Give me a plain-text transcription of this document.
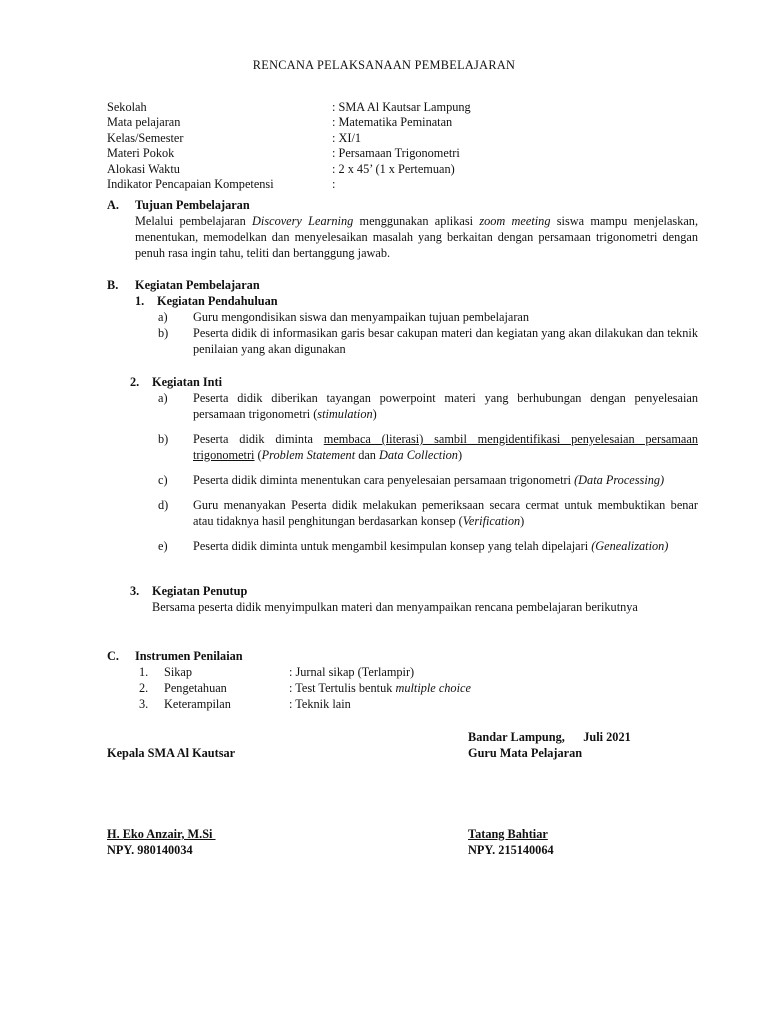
RENCANA PELAKSANAAN PEMBELAJARAN
Sekolah	: SMA Al Kautsar Lampung
Mata pelajaran	: Matematika Peminatan
Kelas/Semester	: XI/1
Materi Pokok	: Persamaan Trigonometri
Alokasi Waktu	: 2 x 45’ (1 x Pertemuan)
Indikator Pencapaian Kompetensi	:
A. Tujuan Pembelajaran
Melalui pembelajaran Discovery Learning menggunakan aplikasi zoom meeting siswa mampu menjelaskan, menentukan, memodelkan dan menyelesaikan masalah yang berkaitan dengan persamaan trigonometri dengan penuh rasa ingin tahu, teliti dan bertanggung jawab.
B. Kegiatan Pembelajaran
1. Kegiatan Pendahuluan
a) Guru mengondisikan siswa dan menyampaikan tujuan pembelajaran
b) Peserta didik di informasikan garis besar cakupan materi dan kegiatan yang akan dilakukan dan teknik penilaian yang akan digunakan
2. Kegiatan Inti
a) Peserta didik diberikan tayangan powerpoint materi yang berhubungan dengan penyelesaian persamaan trigonometri (stimulation)
b) Peserta didik diminta membaca (literasi) sambil mengidentifikasi penyelesaian persamaan trigonometri (Problem Statement dan Data Collection)
c) Peserta didik diminta menentukan cara penyelesaian persamaan trigonometri (Data Processing)
d) Guru menanyakan Peserta didik melakukan pemeriksaan secara cermat untuk membuktikan benar atau tidaknya hasil penghitungan berdasarkan konsep (Verification)
e) Peserta didik diminta untuk mengambil kesimpulan konsep yang telah dipelajari (Genealization)
3. Kegiatan Penutup
Bersama peserta didik menyimpulkan materi dan menyampaikan rencana pembelajaran berikutnya
C. Instrumen Penilaian
1. Sikap	: Jurnal sikap (Terlampir)
2. Pengetahuan	: Test Tertulis bentuk multiple choice
3. Keterampilan	: Teknik lain
Bandar Lampung,      Juli 2021
Kepala SMA Al Kautsar	Guru Mata Pelajaran
H. Eko Anzair, M.Si
NPY. 980140034
Tatang Bahtiar
NPY. 215140064
